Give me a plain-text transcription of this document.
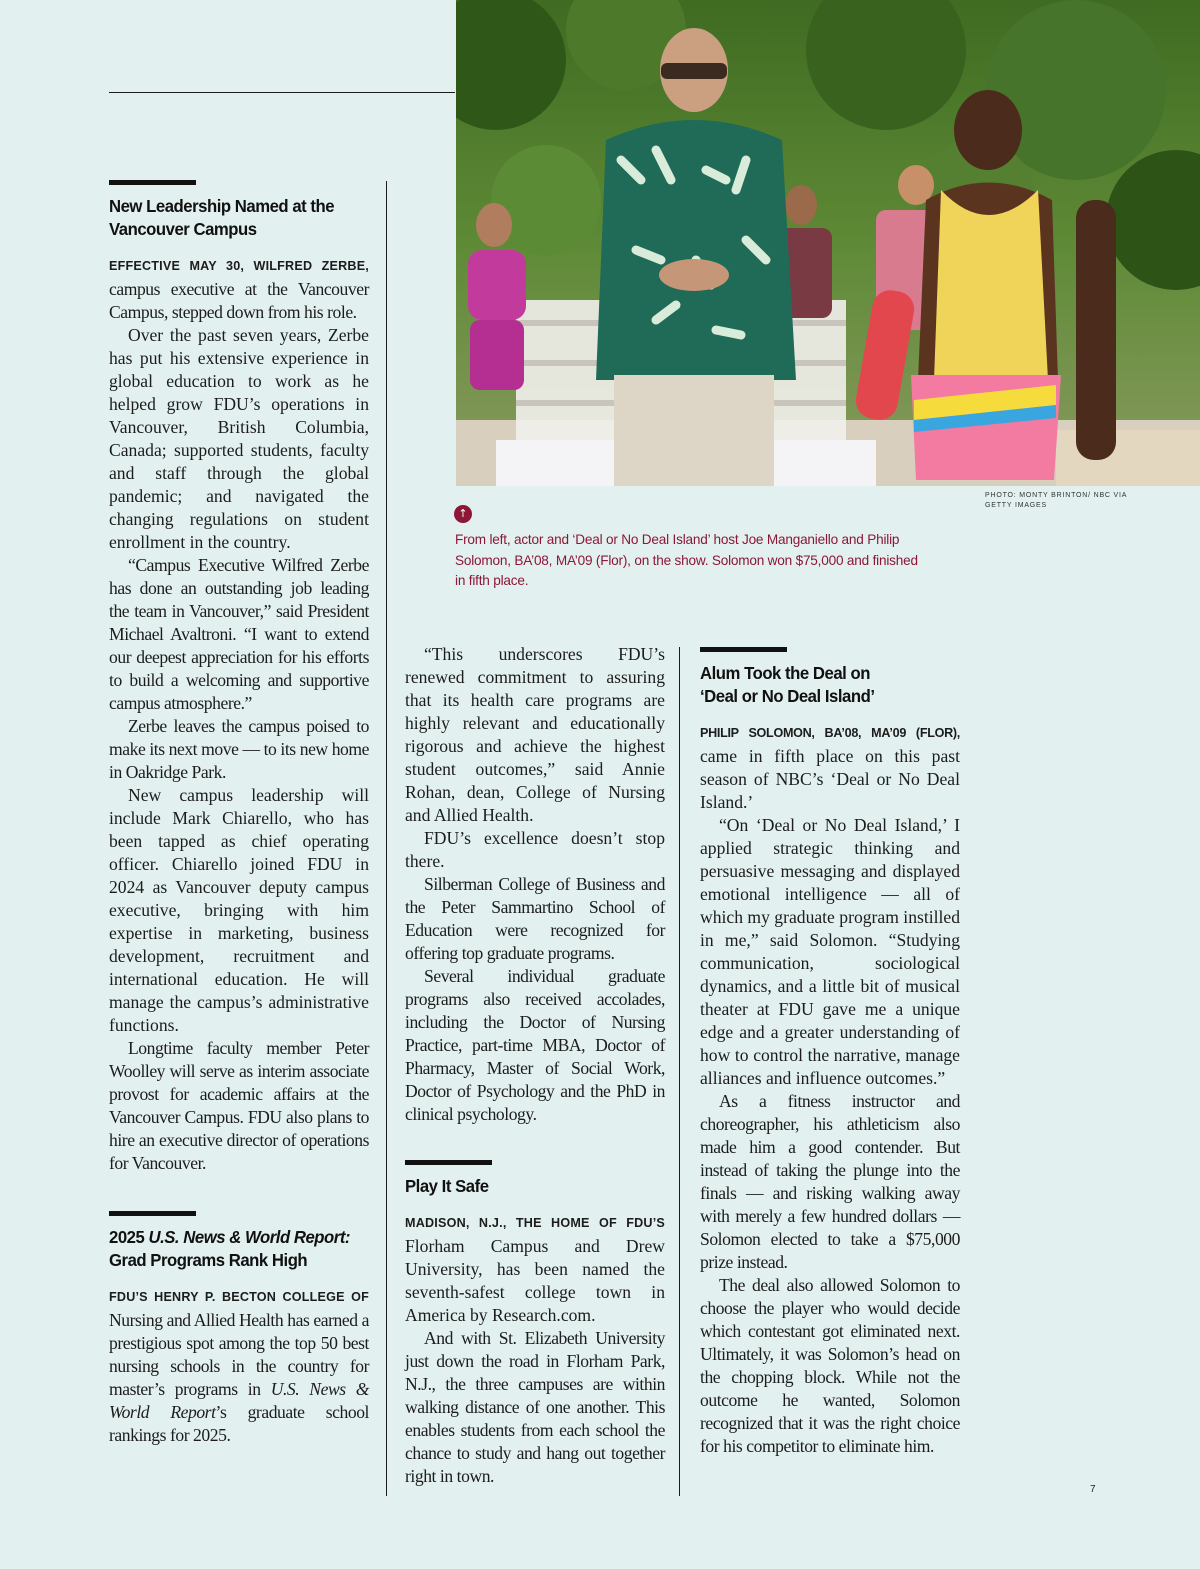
PHOTO: MONTY BRINTON/ NBC VIA GETTY IMAGES
↑
From left, actor and ‘Deal or No Deal Island’ host Joe Manganiello and Philip Solomon, BA’08, MA’09 (Flor), on the show. Solomon won $75,000 and finished in fifth place.
New Leadership Named at the
Vancouver Campus

EFFECTIVE MAY 30, WILFRED ZERBE, campus executive at the Vancouver Campus, stepped down from his role.

Over the past seven years, Zerbe has put his extensive experience in global education to work as he helped grow FDU’s operations in Vancouver, British Columbia, Canada; supported students, faculty and staff through the global pandemic; and navigated the changing regulations on student enrollment in the country.

“Campus Executive Wilfred Zerbe has done an outstanding job leading the team in Vancouver,” said President Michael Avaltroni. “I want to extend our deepest appreciation for his efforts to build a welcoming and supportive campus atmosphere.”

Zerbe leaves the campus poised to make its next move — to its new home in Oakridge Park.

New campus leadership will include Mark Chiarello, who has been tapped as chief operating officer. Chiarello joined FDU in 2024 as Vancouver deputy campus executive, bringing with him expertise in marketing, business development, recruitment and international education. He will manage the campus’s administrative functions.

Longtime faculty member Peter Woolley will serve as interim associate provost for academic affairs at the Vancouver Campus. FDU also plans to hire an executive director of operations for Vancouver.

2025 U.S. News & World Report:
Grad Programs Rank High

FDU’S HENRY P. BECTON COLLEGE OF Nursing and Allied Health has earned a prestigious spot among the top 50 best nursing schools in the country for master’s programs in U.S. News & World Report’s graduate school rankings for 2025.

“This underscores FDU’s renewed commitment to assuring that its health care programs are highly relevant and educationally rigorous and achieve the highest student outcomes,” said Annie Rohan, dean, College of Nursing and Allied Health.

FDU’s excellence doesn’t stop there.

Silberman College of Business and the Peter Sammartino School of Education were recognized for offering top graduate programs.

Several individual graduate programs also received accolades, including the Doctor of Nursing Practice, part-time MBA, Doctor of Pharmacy, Master of Social Work, Doctor of Psychology and the PhD in clinical psychology.

Play It Safe

MADISON, N.J., THE HOME OF FDU’S Florham Campus and Drew University, has been named the seventh-safest college town in America by Research.com.

And with St. Elizabeth University just down the road in Florham Park, N.J., the three campuses are within walking distance of one another. This enables students from each school the chance to study and hang out together right in town.

Alum Took the Deal on
‘Deal or No Deal Island’

PHILIP SOLOMON, BA’08, MA’09 (FLOR), came in fifth place on this past season of NBC’s ‘Deal or No Deal Island.’

“On ‘Deal or No Deal Island,’ I applied strategic thinking and persuasive messaging and displayed emotional intelligence — all of which my graduate program instilled in me,” said Solomon. “Studying communication, sociological dynamics, and a little bit of musical theater at FDU gave me a unique edge and a greater understanding of how to control the narrative, manage alliances and influence outcomes.”

As a fitness instructor and choreographer, his athleticism also made him a good contender. But instead of taking the plunge into the finals — and risking walking away with merely a few hundred dollars — Solomon elected to take a $75,000 prize instead.

The deal also allowed Solomon to choose the player who would decide which contestant got eliminated next. Ultimately, it was Solomon’s head on the chopping block. While not the outcome he wanted, Solomon recognized that it was the right choice for his competitor to eliminate him.

7
